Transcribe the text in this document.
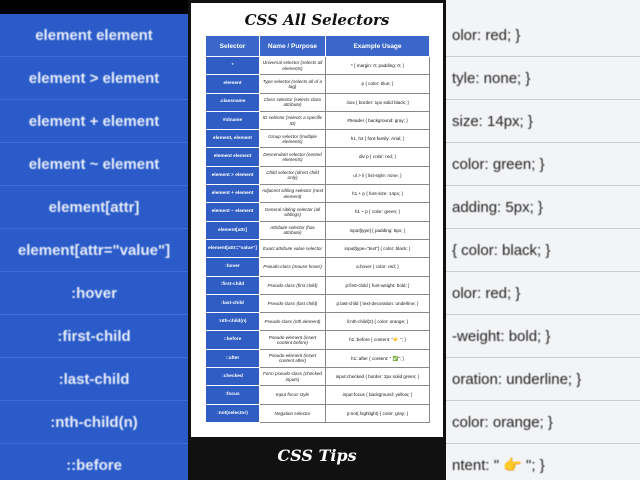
element element
element > element
element + element
element ~ element
element[attr]
element[attr="value"]
:hover
:first-child
:last-child
:nth-child(n)
::before
olor: red; }
tyle: none; }
size: 14px; }
color: green; }
adding: 5px; }
{ color: black; }
olor: red; }
-weight: bold; }
oration: underline; }
color: orange; }
ntent: " 👉 "; }
CSS All Selectors
Selector	Name / Purpose	Example Usage
*	Universal selector (selects all elements)	* { margin: 0; padding: 0; }
element	Type selector (selects all of a tag)	p { color: blue; }
.classname	Class selector (selects class attribute)	.box { border: 1px solid black; }
#idname	ID selector (selects a specific ID)	#header { background: gray; }
element, element	Group selector (multiple elements)	h1, h2 { font-family: Arial; }
element element	Descendant selector (nested elements)	div p { color: red; }
element > element	Child selector (direct child only)	ul > li { list-style: none; }
element + element	Adjacent sibling selector (next element)	h1 + p { font-size: 14px; }
element ~ element	General sibling selector (all siblings)	h1 ~ p { color: green; }
element[attr]	Attribute selector (has attribute)	input[type] { padding: 5px; }
element[attr="value"]	Exact attribute value selector	input[type="text"] { color: black; }
:hover	Pseudo-class (mouse hover)	a:hover { color: red; }
:first-child	Pseudo-class (first child)	p:first-child { font-weight: bold; }
:last-child	Pseudo-class (last child)	p:last-child { text-decoration: underline; }
:nth-child(n)	Pseudo-class (nth element)	li:nth-child(2) { color: orange; }
::before	Pseudo-element (insert content before)	h1::before { content: "👉 "; }
::after	Pseudo-element (insert content after)	h1::after { content: " ✅"; }
:checked	Form pseudo-class (checked inputs)	input:checked { border: 2px solid green; }
:focus	Input focus style	input:focus { background: yellow; }
:not(selector)	Negation selector	p:not(.highlight) { color: gray; }
CSS Tips
